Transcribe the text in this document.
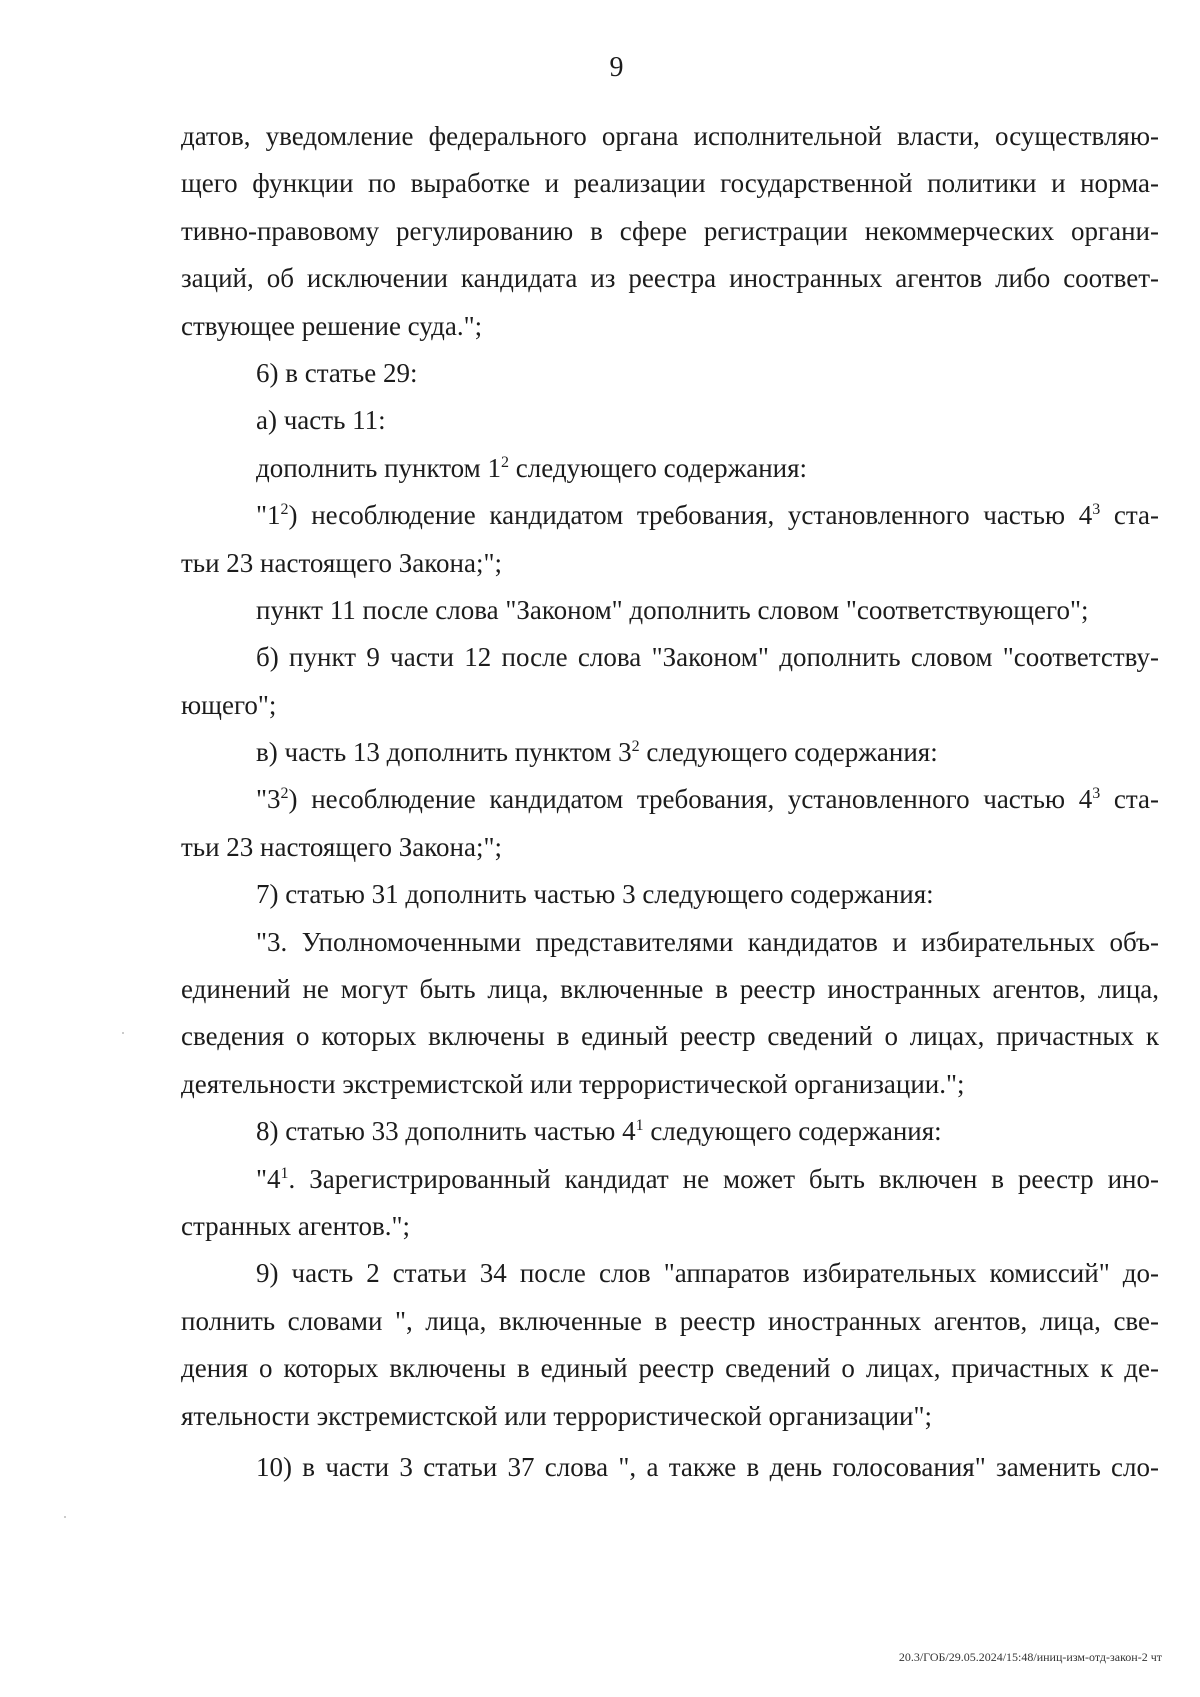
9
датов, уведомление федерального органа исполнительной власти, осуществляю-
щего функции по выработке и реализации государственной политики и норма-
тивно-правовому регулированию в сфере регистрации некоммерческих органи-
заций, об исключении кандидата из реестра иностранных агентов либо соответ-
ствующее решение суда.";
6) в статье 29:
а) часть 11:
дополнить пунктом $1^2$ следующего содержания:
"$1^2$) несоблюдение кандидатом требования, установленного частью $4^3$ ста-
тьи 23 настоящего Закона;";
пункт 11 после слова "Законом" дополнить словом "соответствующего";
б) пункт 9 части 12 после слова "Законом" дополнить словом "соответству-
ющего";
в) часть 13 дополнить пунктом $3^2$ следующего содержания:
"$3^2$) несоблюдение кандидатом требования, установленного частью $4^3$ ста-
тьи 23 настоящего Закона;";
7) статью 31 дополнить частью 3 следующего содержания:
"3. Уполномоченными представителями кандидатов и избирательных объ-
единений не могут быть лица, включенные в реестр иностранных агентов, лица,
сведения о которых включены в единый реестр сведений о лицах, причастных к
деятельности экстремистской или террористической организации.";
8) статью 33 дополнить частью $4^1$ следующего содержания:
"$4^1$. Зарегистрированный кандидат не может быть включен в реестр ино-
странных агентов.";
9) часть 2 статьи 34 после слов "аппаратов избирательных комиссий" до-
полнить словами ", лица, включенные в реестр иностранных агентов, лица, све-
дения о которых включены в единый реестр сведений о лицах, причастных к де-
ятельности экстремистской или террористической организации";
10) в части 3 статьи 37 слова ", а также в день голосования" заменить сло-
20.3/ГОБ/29.05.2024/15:48/иниц-изм-отд-закон-2 чт
